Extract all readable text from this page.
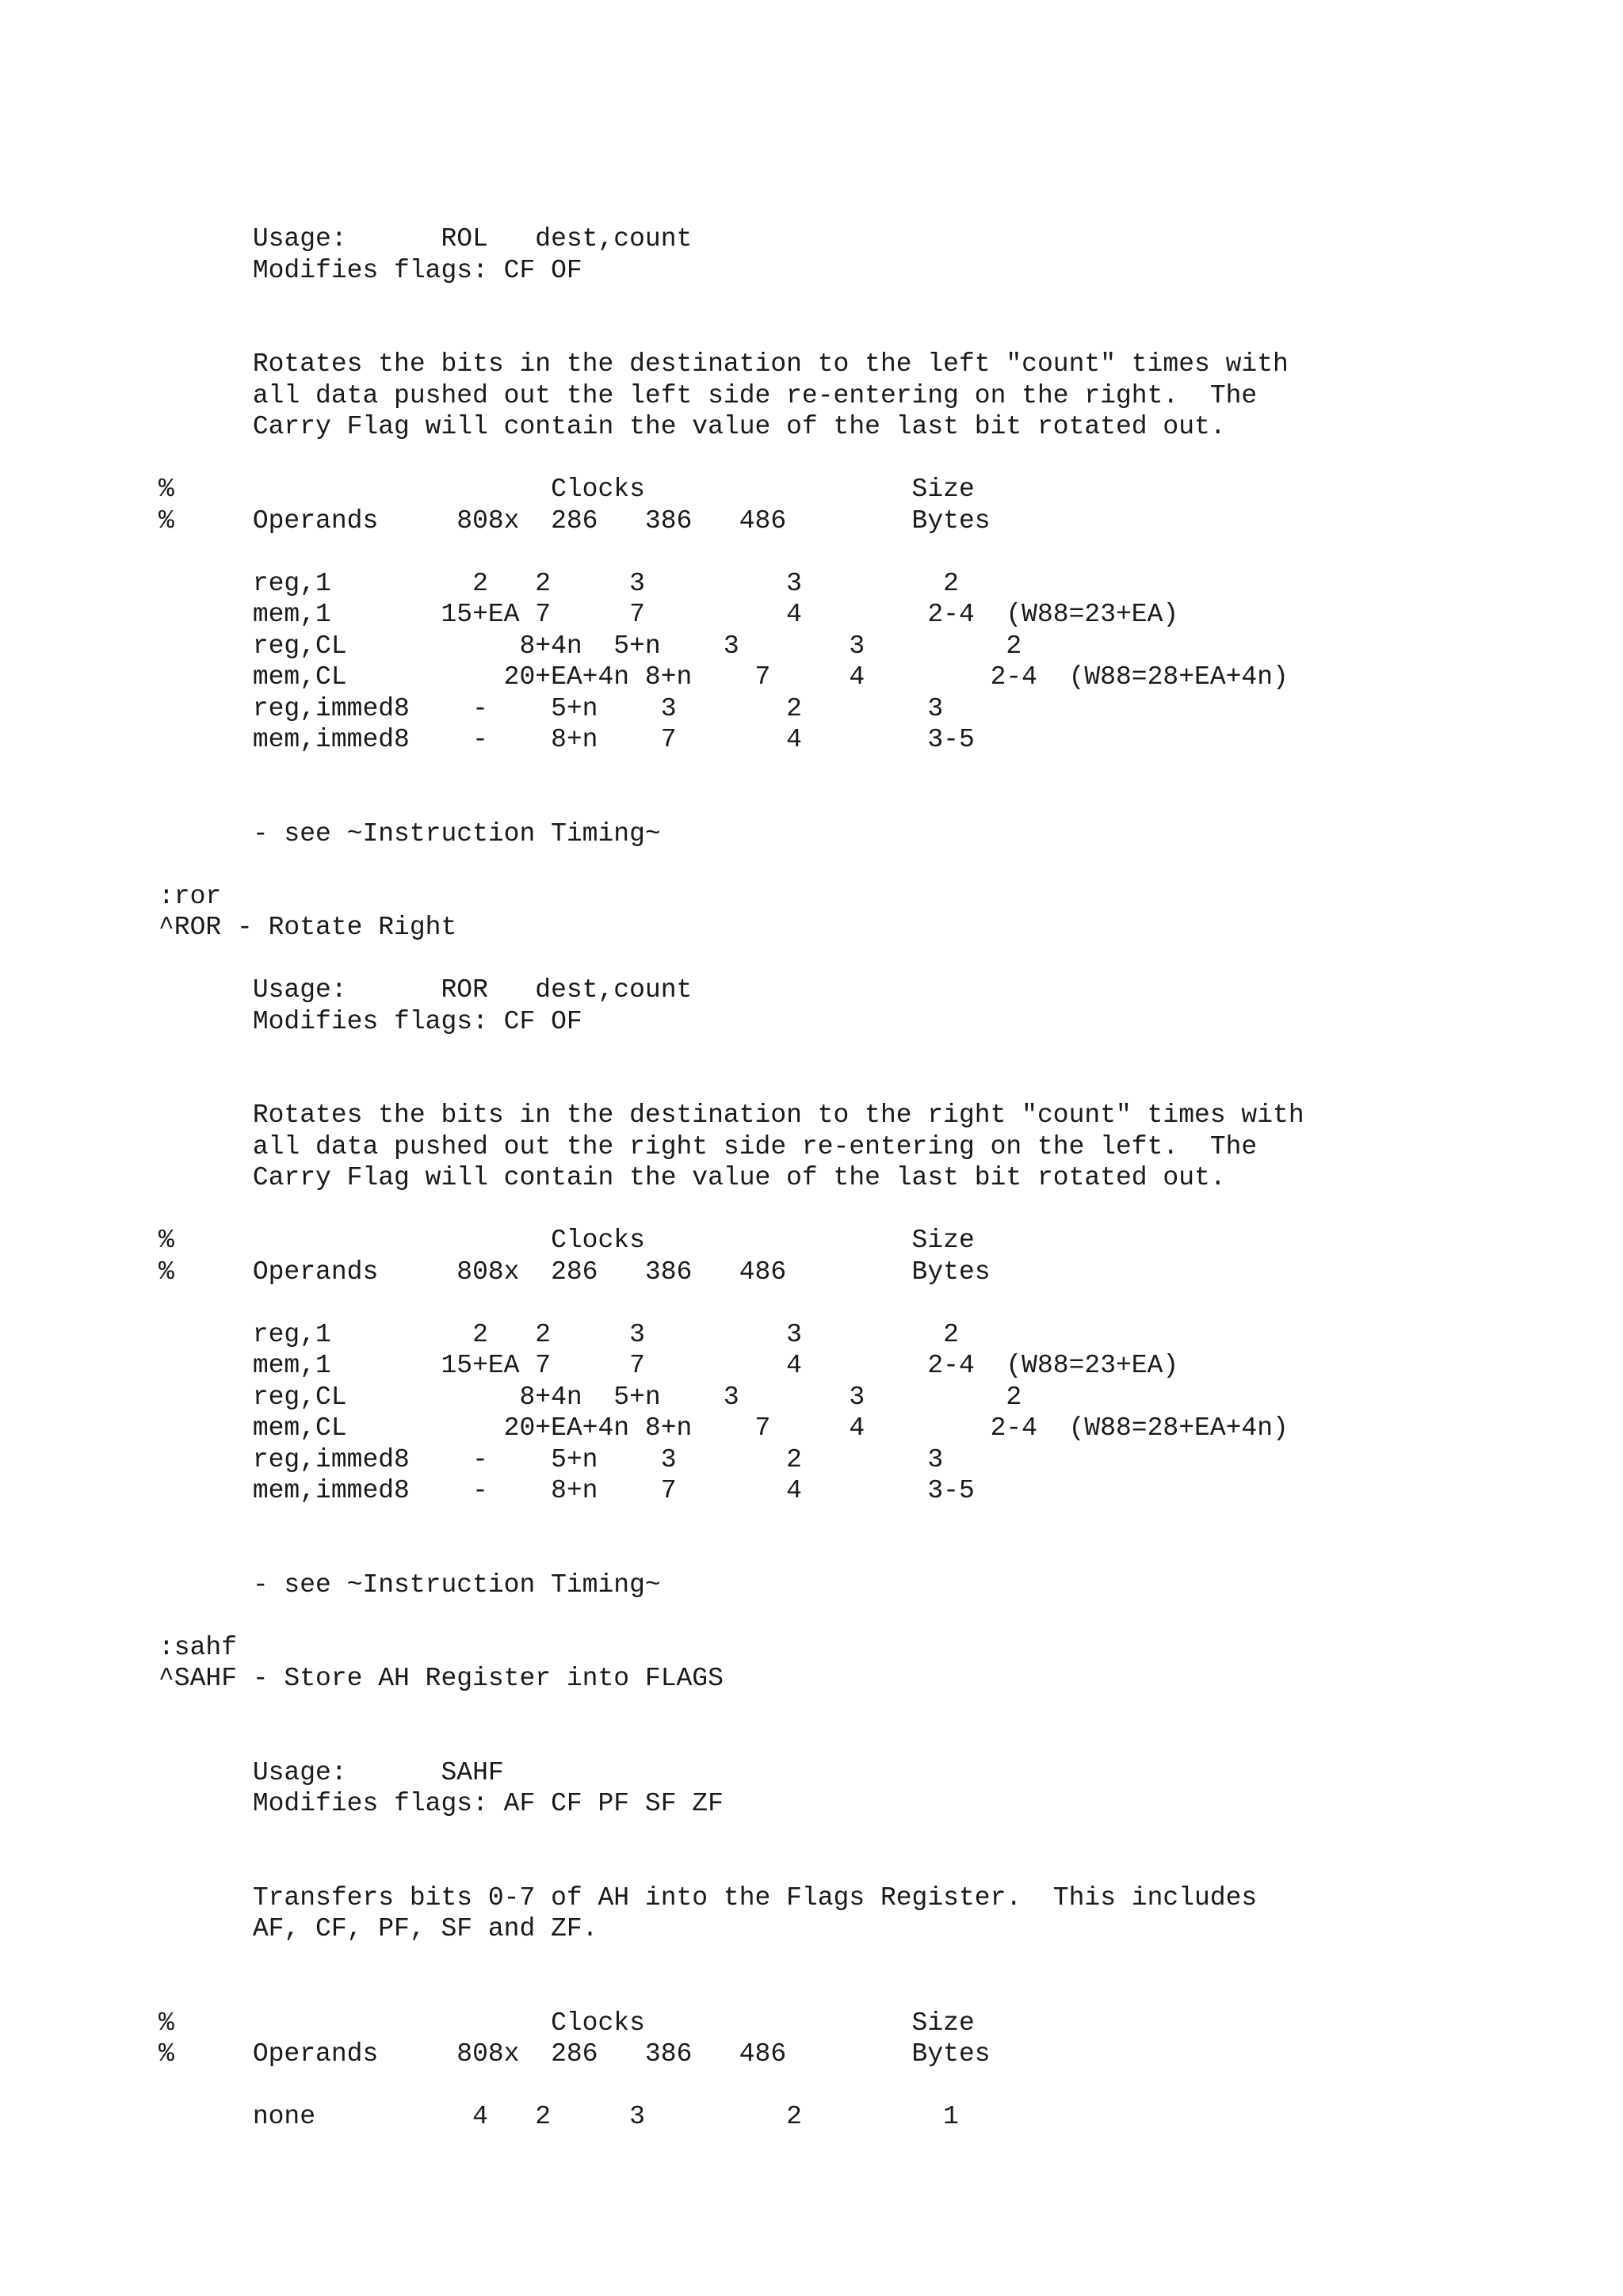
Usage:      ROL   dest,count
Modifies flags: CF OF

Rotates the bits in the destination to the left "count" times with
all data pushed out the left side re-entering on the right.  The
Carry Flag will contain the value of the last bit rotated out.

%                        Clocks                 Size
%     Operands     808x  286   386   486        Bytes

reg,1         2   2     3         3         2
mem,1       15+EA 7     7         4        2-4  (W88=23+EA)
reg,CL           8+4n  5+n    3       3         2
mem,CL          20+EA+4n 8+n    7     4        2-4  (W88=28+EA+4n)
reg,immed8    -    5+n    3       2        3
mem,immed8    -    8+n    7       4        3-5

- see ~Instruction Timing~

:ror
^ROR - Rotate Right

Usage:      ROR   dest,count
Modifies flags: CF OF

Rotates the bits in the destination to the right "count" times with
all data pushed out the right side re-entering on the left.  The
Carry Flag will contain the value of the last bit rotated out.

%                        Clocks                 Size
%     Operands     808x  286   386   486        Bytes

reg,1         2   2     3         3         2
mem,1       15+EA 7     7         4        2-4  (W88=23+EA)
reg,CL           8+4n  5+n    3       3         2
mem,CL          20+EA+4n 8+n    7     4        2-4  (W88=28+EA+4n)
reg,immed8    -    5+n    3       2        3
mem,immed8    -    8+n    7       4        3-5

- see ~Instruction Timing~

:sahf
^SAHF - Store AH Register into FLAGS

Usage:      SAHF
Modifies flags: AF CF PF SF ZF

Transfers bits 0-7 of AH into the Flags Register.  This includes
AF, CF, PF, SF and ZF.

%                        Clocks                 Size
%     Operands     808x  286   386   486        Bytes

none          4   2     3         2         1
